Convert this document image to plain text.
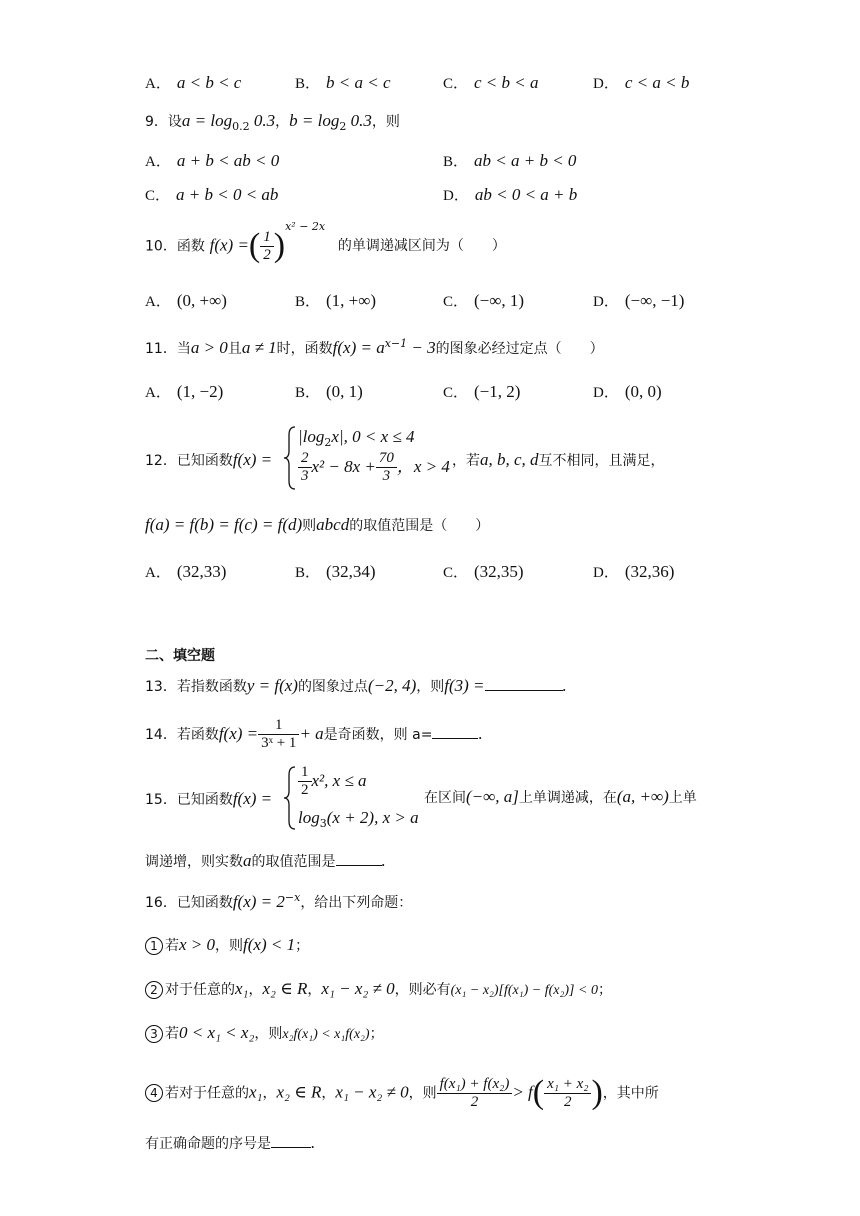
A． a < b < c	B． b < a < c	C． c < b < a	D． c < a < b
9．设$a = \log_{0.2} 0.3$，$b = \log_2 0.3$，则
A． a + b < ab < 0	B． ab < a + b < 0
C． a + b < 0 < ab	D． ab < 0 < a + b
10．函数 f(x) =( $\frac{1}{2} )^{x^2 - 2x}$ 的单调递减区间为（　　）
A． (0, +∞)	B． (1, +∞)	C． (−∞, 1)	D． (−∞, −1)
11．当a > 0且a ≠ 1时，函数$f(x) = a^{x-1} - 3$的图象必经过定点（　　）
A． (1, −2)	B． (0, 1)	C． (−1, 2)	D． (0, 0)
12．已知函数f(x) =
$|\log_2x|$, 0 < x ≤ 4
$\frac{2}{3} x^2 - 8x + \frac{70}{3}$ ，x > 4 ，若a, b, c, d互不相同，且满足，
f(a) = f(b) = f(c) = f(d)则abcd的取值范围是（　　）
A． (32,33)	B． (32,34)	C． (32,35)	D． (32,36)
二、填空题
13．若指数函数y = f(x)的图象过点(−2, 4)，则f(3) =	.
14．若函数$f(x) = \frac{1}{\text{3ˣ + 1}} + a$是奇函数，则 a=	.
15．已知函数$f(x) = \frac{1}{2} x^2$, x ≤ a
$\log_3(x + 2)$, x > a
在区间(−∞, a]上单调递减，在(a, +∞)上单
调递增，则实数a的取值范围是	.
16．已知函数$f(x) = 2^{-x}$，给出下列命题：
1 若x > 0，则f(x) < 1；
2 对于任意的x₁，x₂ ∈ R，x₁ − x₂ ≠ 0，则必有(x₁ − x₂)[f(x₁) − f(x₂)] < 0；
3 若0 < x₁ < x₂，则x₂f(x₁) < x₁f(x₂)；
4 若对于任意的x₁，x₂ ∈ R，x₁ − x₂ ≠ 0，则 $\frac{\text{f(x₁) + f(x₂)}}{2} > f( \frac{\text{x₁ + x₂}}{2}$ )，其中所
有正确命题的序号是 .
